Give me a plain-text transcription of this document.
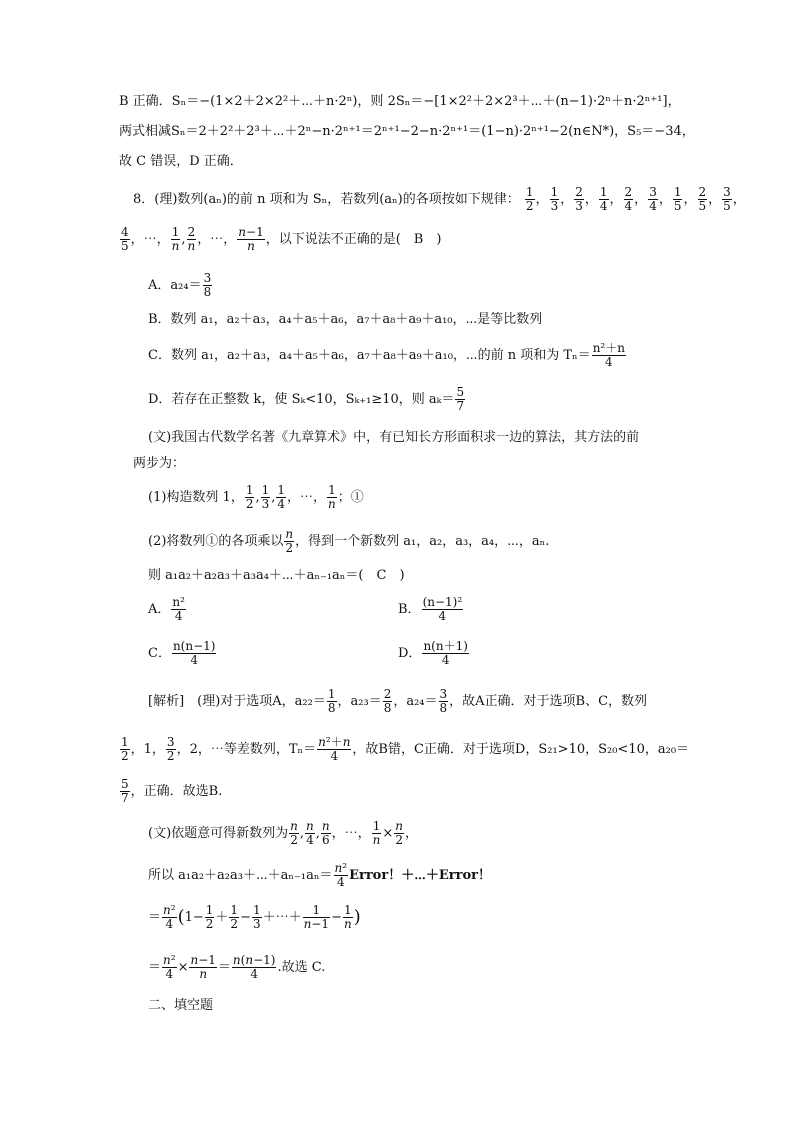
B 正确．Sₙ＝−(1×2＋2×2²＋⋯＋n·2ⁿ)，则 2Sₙ＝−[1×2²＋2×2³＋⋯＋(n−1)·2ⁿ＋n·2ⁿ⁺¹]，
两式相减Sₙ＝2＋2²＋2³＋⋯＋2ⁿ−n·2ⁿ⁺¹＝2ⁿ⁺¹−2−n·2ⁿ⁺¹＝(1−n)·2ⁿ⁺¹−2(n∈N*)，S₅＝−34，
故 C 错误，D 正确．
8．(理)数列(aₙ)的前 n 项和为 Sₙ，若数列(aₙ)的各项按如下规律： $\frac{1}{2}$ ， $\frac{1}{3}$ ， $\frac{2}{3}$ ， $\frac{1}{4}$ ， $\frac{2}{4}$ ， $\frac{3}{4}$ ， $\frac{1}{5}$ ， $\frac{2}{5}$ ， $\frac{3}{5}$ ，
$\frac{4}{5}$ ，⋯， $\frac{1}{n}$ , $\frac{2}{n}$ ，⋯， $\frac{n-1}{n}$ ，以下说法不正确的是(　B　)
A．$a_{24}= \frac{3}{8}$
B．数列 a₁，a₂＋a₃，a₄＋a₅＋a₆，a₇＋a₈＋a₉＋a₁₀，⋯是等比数列
C．数列 a₁，a₂＋a₃，a₄＋a₅＋a₆，a₇＋a₈＋a₉＋a₁₀，⋯的前 n 项和为 $T_n= \frac{\text{n²＋n}}{4}$
D．若存在正整数 k，使 Sₖ<10，Sₖ₊₁≥10，则 $a_k= \frac{5}{7}$
(文)我国古代数学名著《九章算术》中，有已知长方形面积求一边的算法，其方法的前
两步为：
(1)构造数列 1， $\frac{1}{2}$ , $\frac{1}{3}$ , $\frac{1}{4}$ ，⋯， $\frac{1}{n}$ ；①
(2)将数列①的各项乘以 $\frac{n}{2}$ ，得到一个新数列 a₁，a₂，a₃，a₄，⋯，aₙ.
则 a₁a₂＋a₂a₃＋a₃a₄＋⋯＋aₙ₋₁aₙ＝(　C　)
A． $\frac{\text{n²}}{4}$	B． $\frac{\text{(n−1)²}}{4}$
C． $\frac{n(n-1)}{4}$	D． $\frac{n(n+1)}{4}$
[解析]　(理)对于选项A，$a_{22}= \frac{1}{8}$ ，$a_{23}= \frac{2}{8}$ ，$a_{24}= \frac{3}{8}$ ，故A正确．对于选项B、C，数列
$\frac{1}{2}$ ，1， $\frac{3}{2}$ ，2，⋯等差数列，$T_n= \frac{\text{n²＋n}}{4}$ ，故B错，C正确．对于选项D，S₂₁>10，S₂₀<10，a₂₀＝
$\frac{5}{7}$ ，正确．故选B.
(文)依题意可得新数列为 $\frac{n}{2}$ , $\frac{n}{4}$ , $\frac{n}{6}$ ，⋯， $\frac{1}{n} \times \frac{n}{2}$ ，
所以 a₁a₂＋a₂a₃＋⋯＋aₙ₋₁aₙ＝ $\frac{\text{n²}}{4}$ Error！＋⋯＋Error！
＝ $\frac{\text{n²}}{4} (1- \frac{1}{2} + \frac{1}{2} - \frac{1}{3}$ ＋⋯＋ $\frac{1}{n-1} - \frac{1}{n}$ )
＝ $\frac{\text{n²}}{4} \times \frac{n-1}{n} = \frac{n(n-1)}{4}$ .故选 C.
二、填空题
